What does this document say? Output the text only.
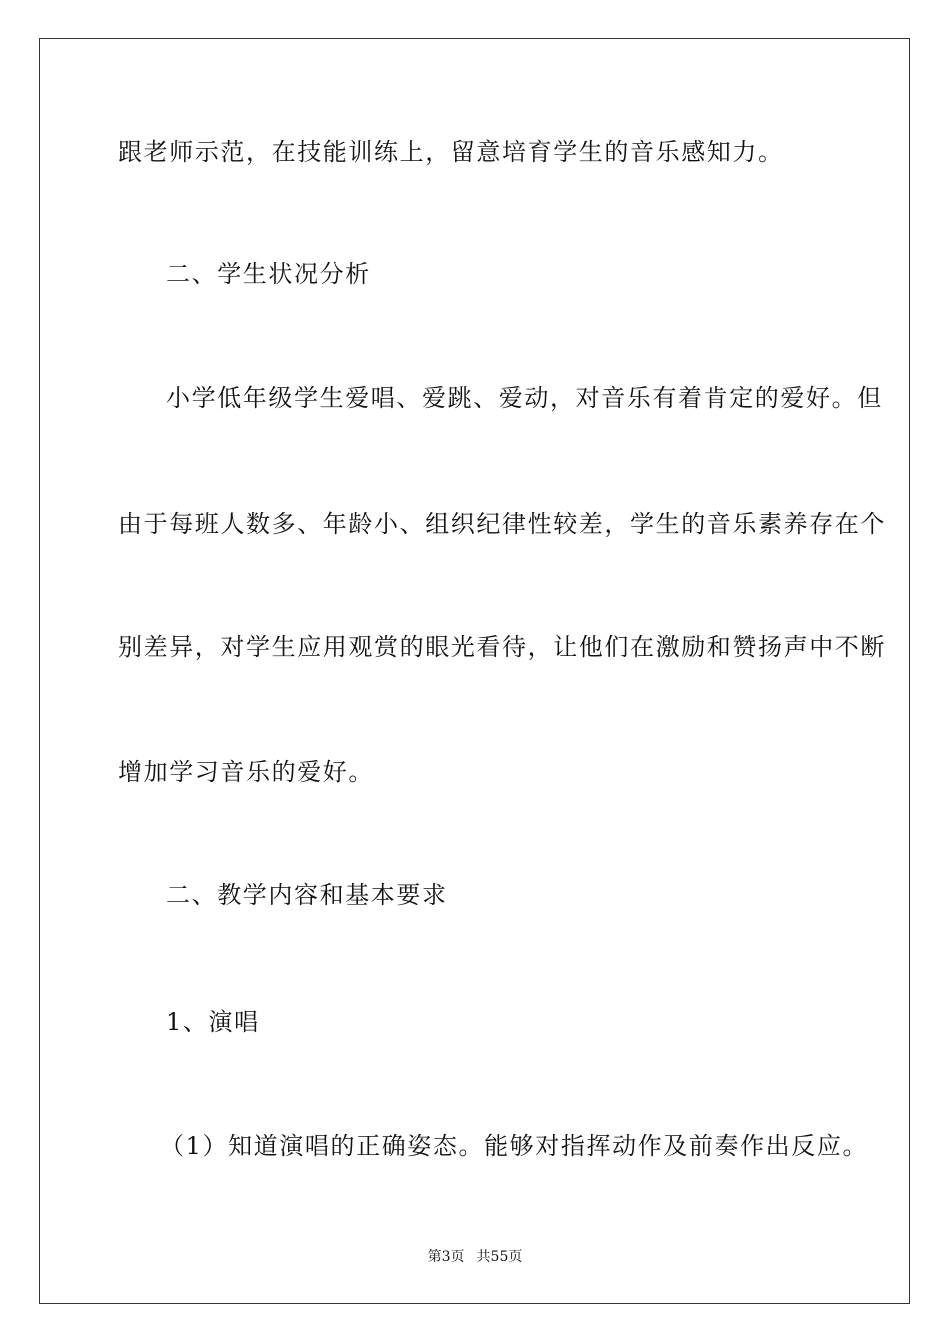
跟老师示范，在技能训练上，留意培育学生的音乐感知力。
二、学生状况分析
小学低年级学生爱唱、爱跳、爱动，对音乐有着肯定的爱好。但
由于每班人数多、年龄小、组织纪律性较差，学生的音乐素养存在个
别差异，对学生应用观赏的眼光看待，让他们在激励和赞扬声中不断
增加学习音乐的爱好。
二、教学内容和基本要求
1、演唱
（1）知道演唱的正确姿态。能够对指挥动作及前奏作出反应。
第3页 共55页
